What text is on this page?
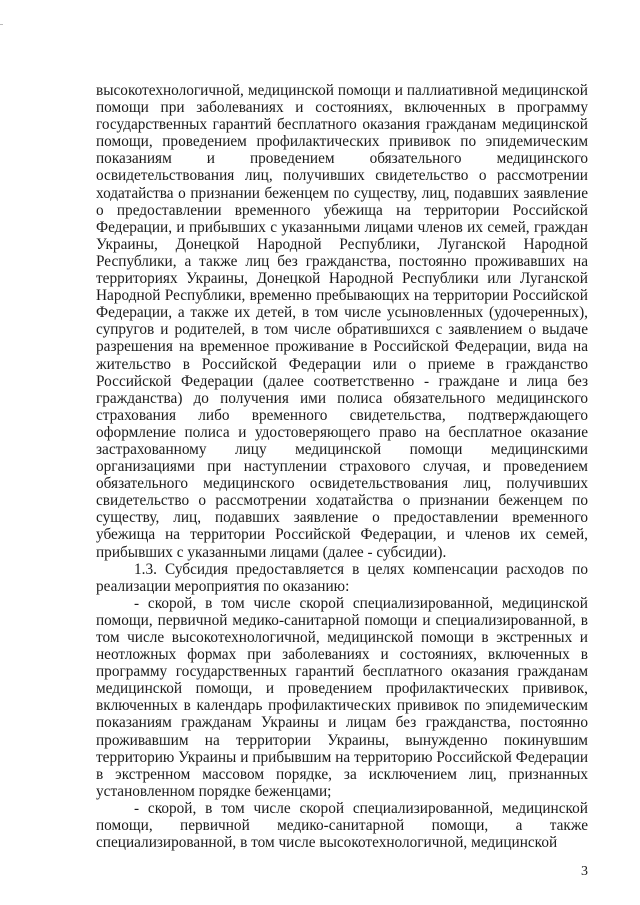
высокотехнологичной, медицинской помощи и паллиативной медицинской помощи при заболеваниях и состояниях, включенных в программу государственных гарантий бесплатного оказания гражданам медицинской помощи, проведением профилактических прививок по эпидемическим показаниям и проведением обязательного медицинского освидетельствования лиц, получивших свидетельство о рассмотрении ходатайства о признании беженцем по существу, лиц, подавших заявление о предоставлении временного убежища на территории Российской Федерации, и прибывших с указанными лицами членов их семей, граждан Украины, Донецкой Народной Республики, Луганской Народной Республики, а также лиц без гражданства, постоянно проживавших на территориях Украины, Донецкой Народной Республики или Луганской Народной Республики, временно пребывающих на территории Российской Федерации, а также их детей, в том числе усыновленных (удочеренных), супругов и родителей, в том числе обратившихся с заявлением о выдаче разрешения на временное проживание в Российской Федерации, вида на жительство в Российской Федерации или о приеме в гражданство Российской Федерации (далее соответственно - граждане и лица без гражданства) до получения ими полиса обязательного медицинского страхования либо временного свидетельства, подтверждающего оформление полиса и удостоверяющего право на бесплатное оказание застрахованному лицу медицинской помощи медицинскими организациями при наступлении страхового случая, и проведением обязательного медицинского освидетельствования лиц, получивших свидетельство о рассмотрении ходатайства о признании беженцем по существу, лиц, подавших заявление о предоставлении временного убежища на территории Российской Федерации, и членов их семей, прибывших с указанными лицами (далее - субсидии).

1.3. Субсидия предоставляется в целях компенсации расходов по реализации мероприятия по оказанию:

- скорой, в том числе скорой специализированной, медицинской помощи, первичной медико-санитарной помощи и специализированной, в том числе высокотехнологичной, медицинской помощи в экстренных и неотложных формах при заболеваниях и состояниях, включенных в программу государственных гарантий бесплатного оказания гражданам медицинской помощи, и проведением профилактических прививок, включенных в календарь профилактических прививок по эпидемическим показаниям гражданам Украины и лицам без гражданства, постоянно проживавшим на территории Украины, вынужденно покинувшим территорию Украины и прибывшим на территорию Российской Федерации в экстренном массовом порядке, за исключением лиц, признанных установленном порядке беженцами;

- скорой, в том числе скорой специализированной, медицинской помощи, первичной медико-санитарной помощи, а также специализированной, в том числе высокотехнологичной, медицинской

3
